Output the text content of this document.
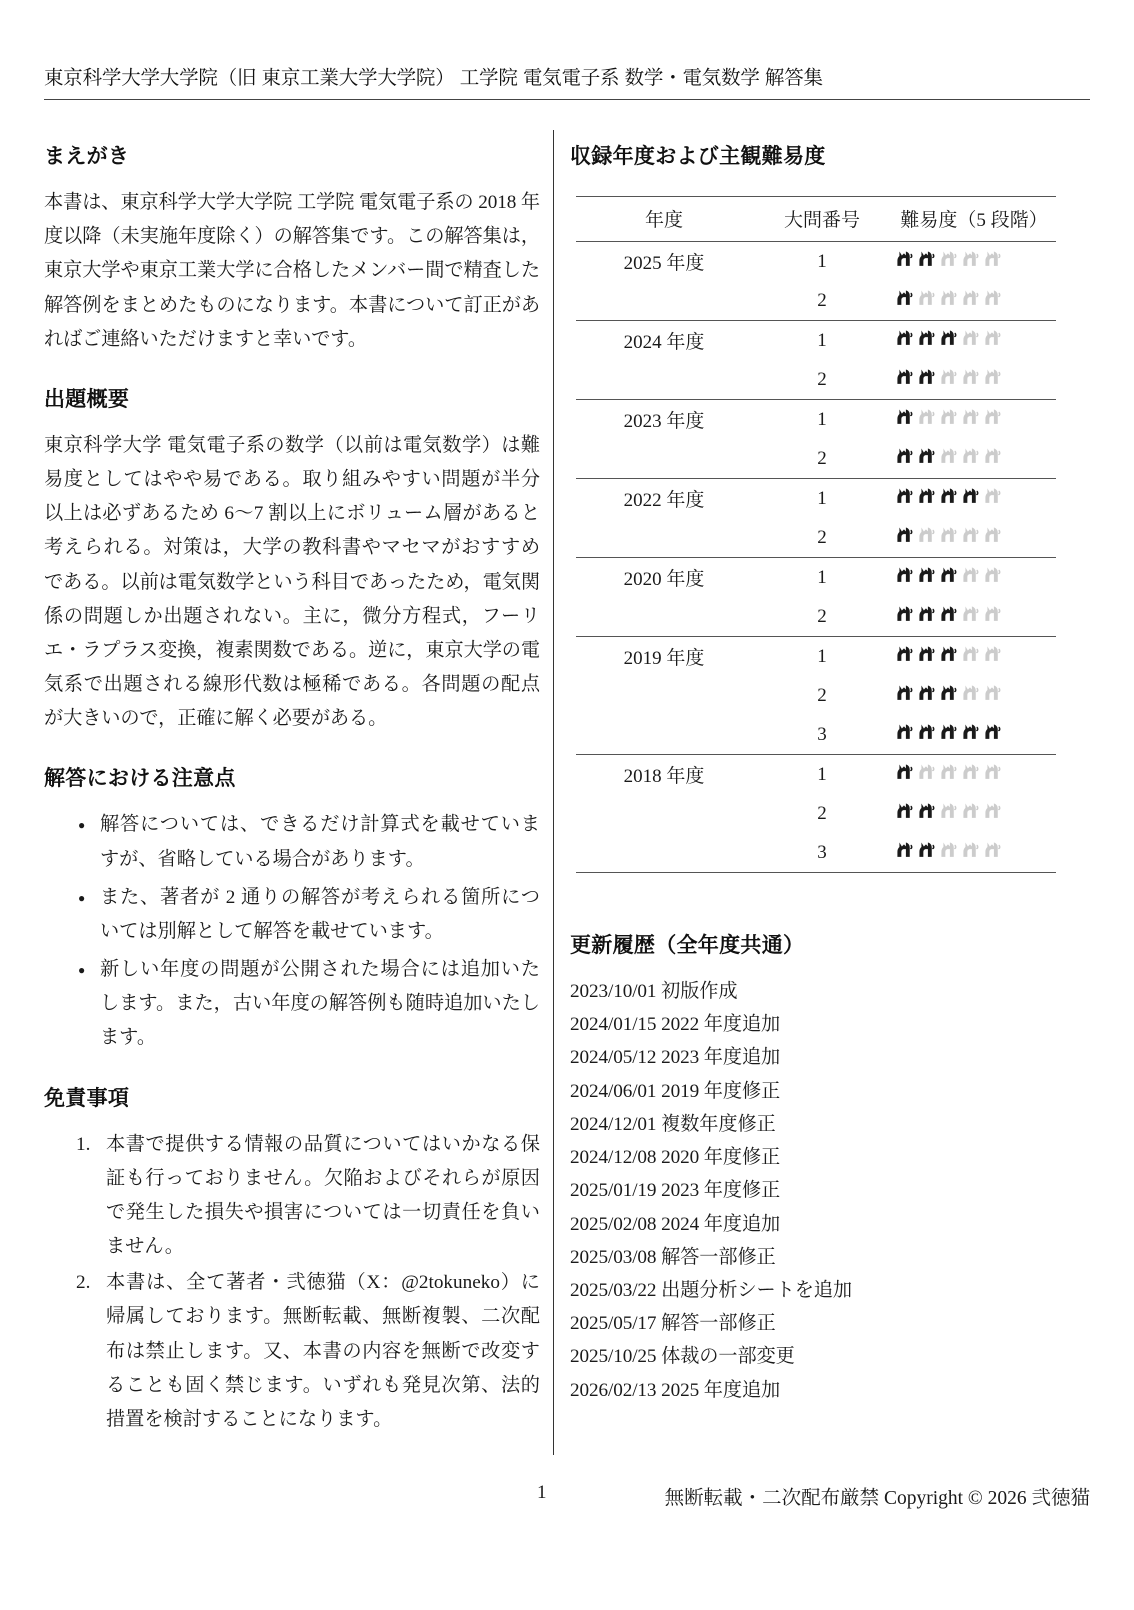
東京科学大学大学院（旧 東京工業大学大学院） 工学院 電気電子系 数学・電気数学 解答集
まえがき

本書は、東京科学大学大学院 工学院 電気電子系の 2018 年度以降（未実施年度除く）の解答集です。この解答集は，東京大学や東京工業大学に合格したメンバー間で精査した解答例をまとめたものになります。本書について訂正があればご連絡いただけますと幸いです。

出題概要

東京科学大学 電気電子系の数学（以前は電気数学）は難易度としてはやや易である。取り組みやすい問題が半分以上は必ずあるため 6〜7 割以上にボリューム層があると考えられる。対策は，大学の教科書やマセマがおすすめである。以前は電気数学という科目であったため，電気関係の問題しか出題されない。主に，微分方程式，フーリエ・ラプラス変換，複素関数である。逆に，東京大学の電気系で出題される線形代数は極稀である。各問題の配点が大きいので，正確に解く必要がある。

解答における注意点
● 解答については、できるだけ計算式を載せていますが、省略している場合があります。
● また、著者が 2 通りの解答が考えられる箇所については別解として解答を載せています。
● 新しい年度の問題が公開された場合には追加いたします。また，古い年度の解答例も随時追加いたします。
免責事項
本書で提供する情報の品質についてはいかなる保証も行っておりません。欠陥およびそれらが原因で発生した損失や損害については一切責任を負いません。
本書は、全て著者・弐徳猫（X：@2tokuneko）に帰属しております。無断転載、無断複製、二次配布は禁止します。又、本書の内容を無断で改変することも固く禁じます。いずれも発見次第、法的措置を検討することになります。
収録年度および主観難易度
年度	大問番号	難易度（5 段階）
2025 年度	1	

	2	

2024 年度	1	

	2	

2023 年度	1	

	2	

2022 年度	1	

	2	

2020 年度	1	

	2	

2019 年度	1	

	2	

	3	

2018 年度	1	

	2	

	3	
更新履歴（全年度共通）
2023/10/01 初版作成
2024/01/15 2022 年度追加
2024/05/12 2023 年度追加
2024/06/01 2019 年度修正
2024/12/01 複数年度修正
2024/12/08 2020 年度修正
2025/01/19 2023 年度修正
2025/02/08 2024 年度追加
2025/03/08 解答一部修正
2025/03/22 出題分析シートを追加
2025/05/17 解答一部修正
2025/10/25 体裁の一部変更
2026/02/13 2025 年度追加
1	無断転載・二次配布厳禁 Copyright © 2026 弐徳猫
